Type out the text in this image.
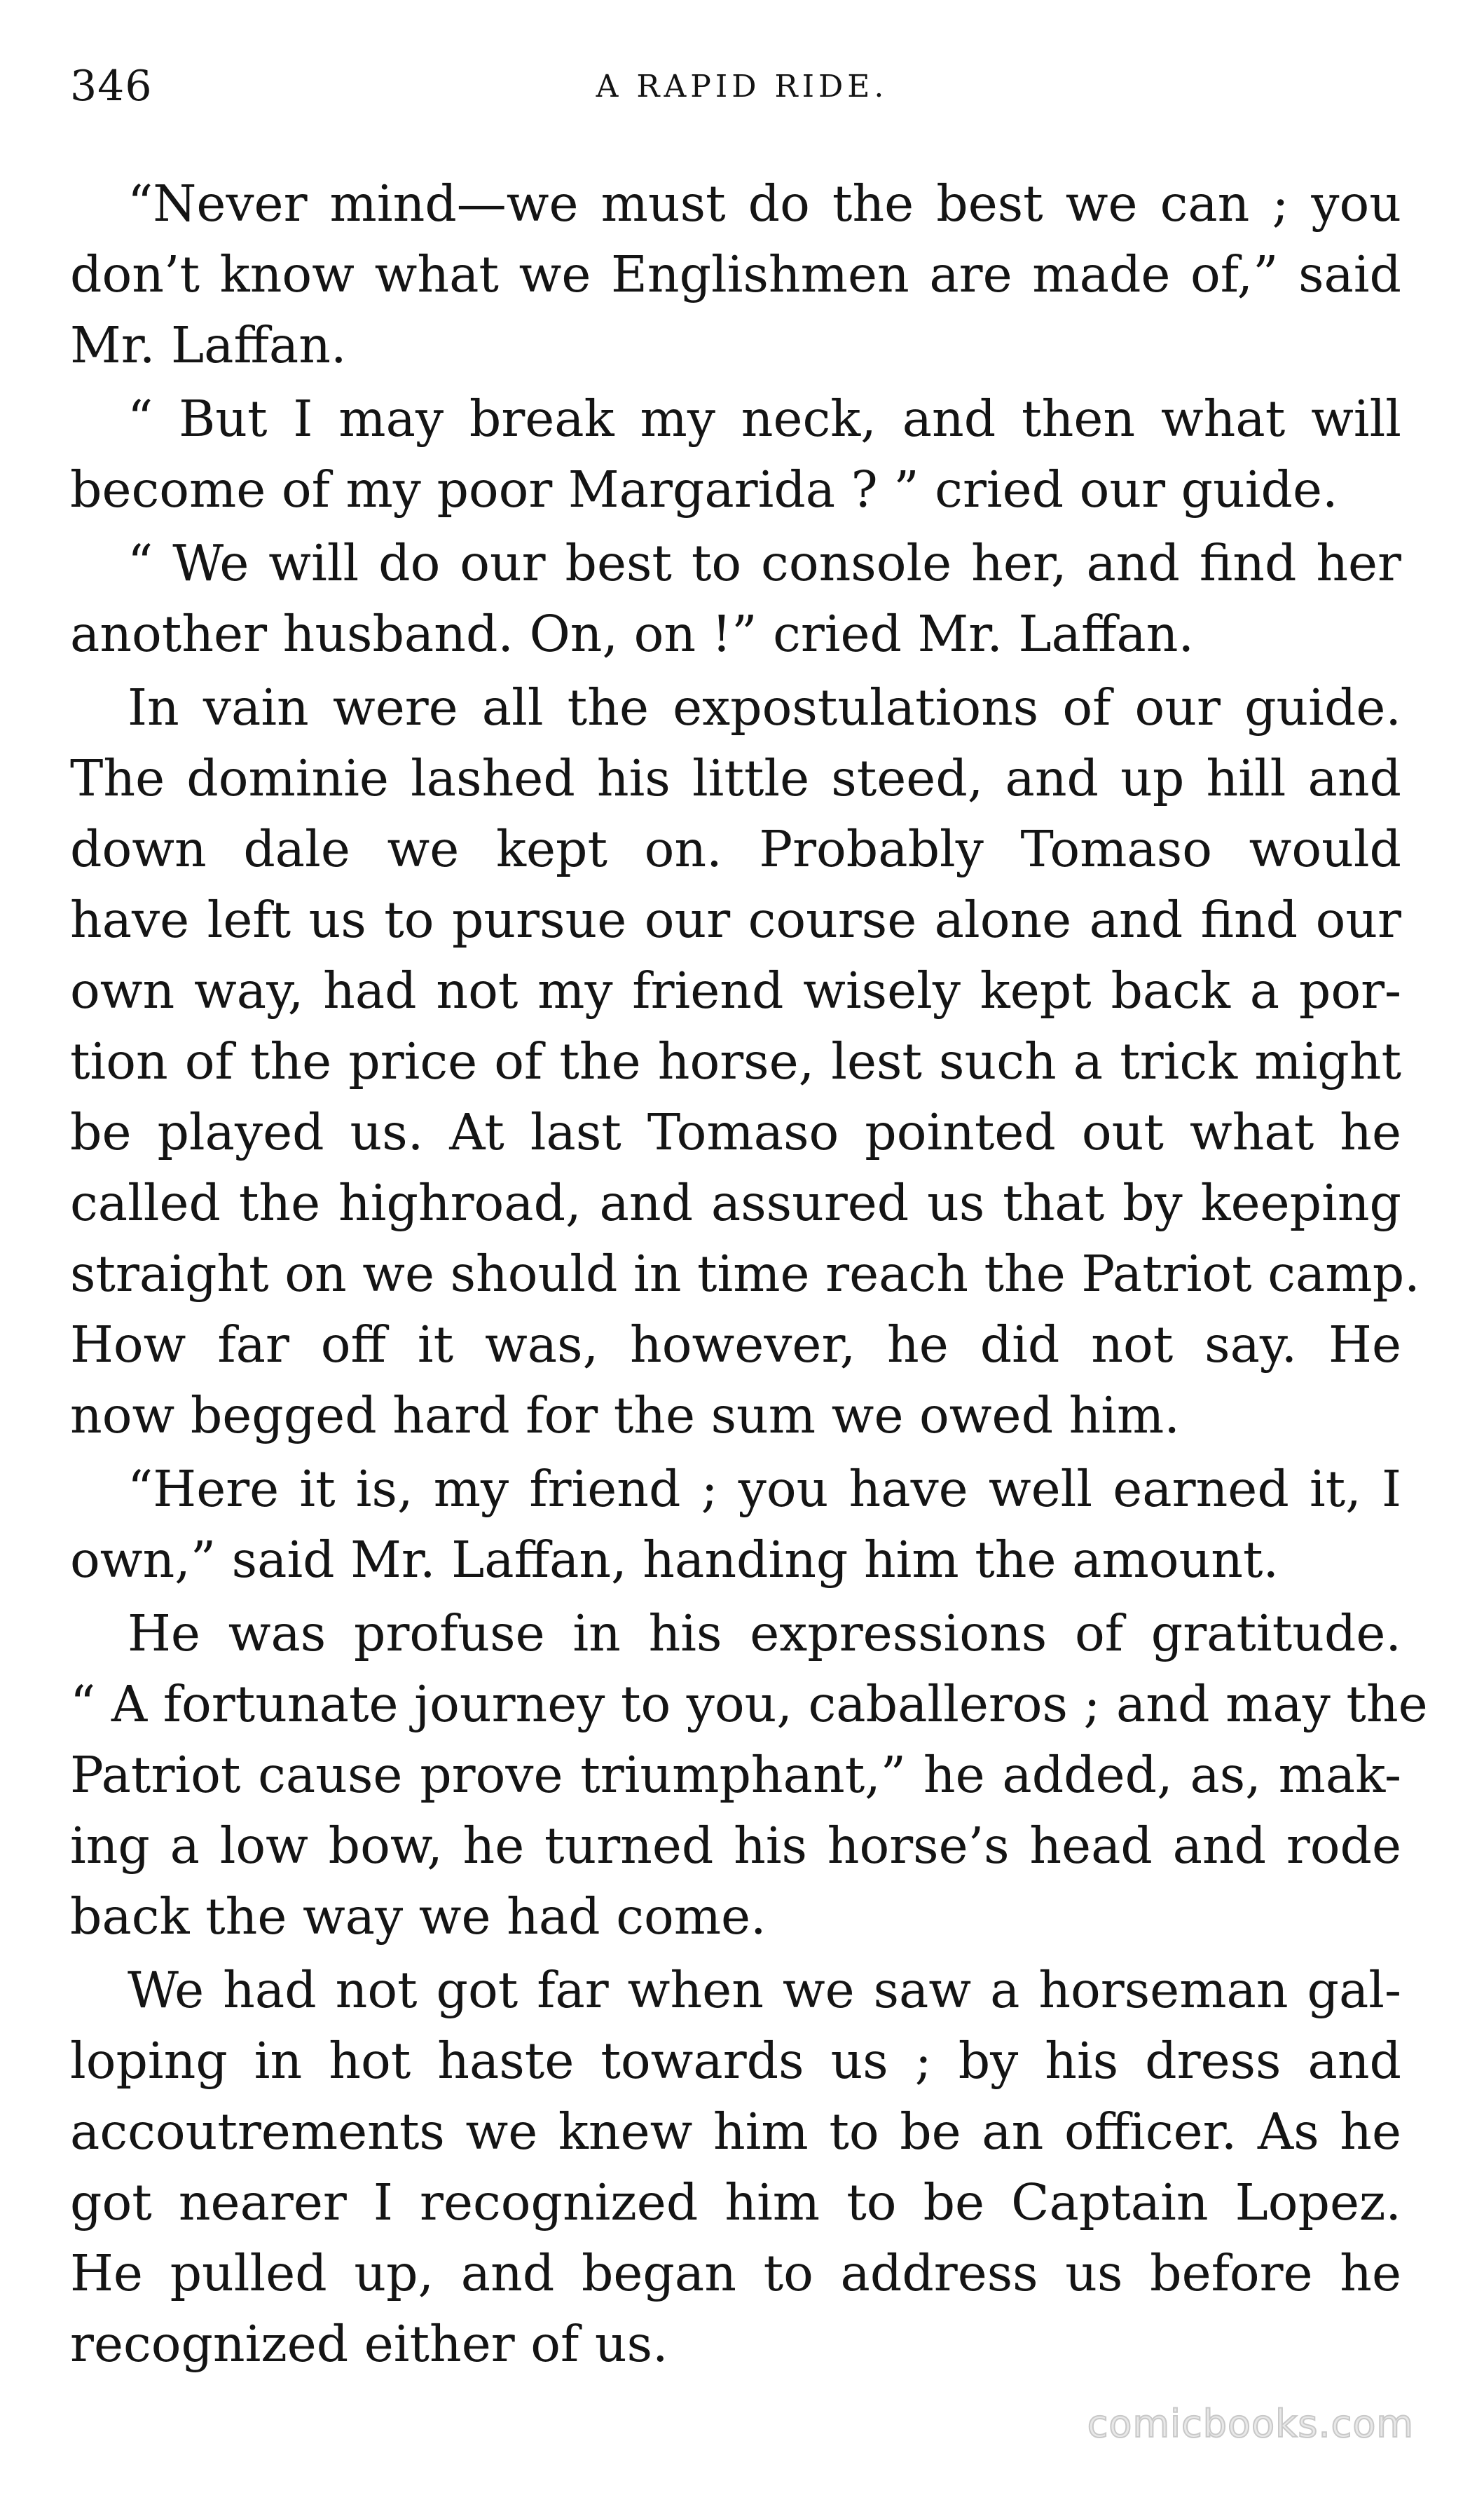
346	A RAPID RIDE.

“Never mind—we must do the best we can ; you
don’t know what we Englishmen are made of,” said
Mr. Laffan.

“ But I may break my neck, and then what will
become of my poor Margarida ? ” cried our guide.

“ We will do our best to console her, and find her
another husband. On, on !” cried Mr. Laffan.

In vain were all the expostulations of our guide.
The dominie lashed his little steed, and up hill and
down dale we kept on. Probably Tomaso would
have left us to pursue our course alone and find our
own way, had not my friend wisely kept back a por-
tion of the price of the horse, lest such a trick might
be played us. At last Tomaso pointed out what he
called the highroad, and assured us that by keeping
straight on we should in time reach the Patriot camp.
How far off it was, however, he did not say. He
now begged hard for the sum we owed him.

“Here it is, my friend ; you have well earned it, I
own,” said Mr. Laffan, handing him the amount.

He was profuse in his expressions of gratitude.
“ A fortunate journey to you, caballeros ; and may the
Patriot cause prove triumphant,” he added, as, mak-
ing a low bow, he turned his horse’s head and rode
back the way we had come.

We had not got far when we saw a horseman gal-
loping in hot haste towards us ; by his dress and
accoutrements we knew him to be an officer. As he
got nearer I recognized him to be Captain Lopez.
He pulled up, and began to address us before he
recognized either of us.

comicbooks.com
